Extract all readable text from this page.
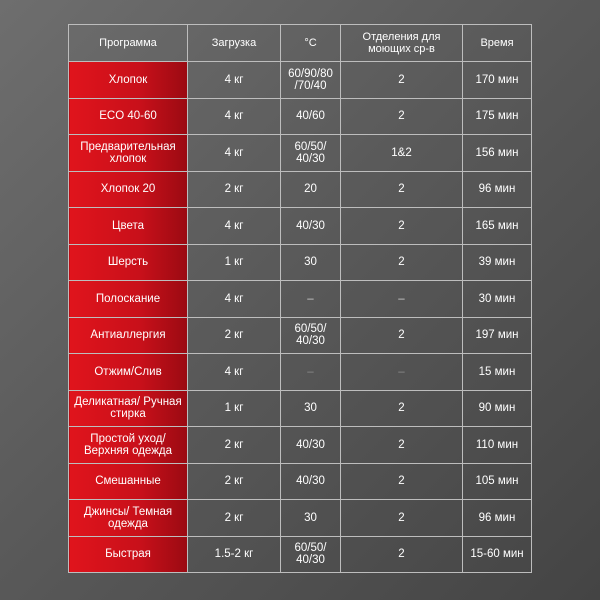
Программа	Загрузка	°С	Отделения для моющих ср-в	Время
Хлопок	4 кг	60/90/80 /70/40	2	170 мин
ECO 40-60	4 кг	40/60	2	175 мин
Предварительная хлопок	4 кг	60/50/ 40/30	1&2	156 мин
Хлопок 20	2 кг	20	2	96 мин
Цвета	4 кг	40/30	2	165 мин
Шерсть	1 кг	30	2	39 мин
Полоскание	4 кг	–	–	30 мин
Антиаллергия	2 кг	60/50/ 40/30	2	197 мин
Отжим/Слив	4 кг	–	–	15 мин
Деликатная/ Ручная стирка	1 кг	30	2	90 мин
Простой уход/ Верхняя одежда	2 кг	40/30	2	110 мин
Смешанные	2 кг	40/30	2	105 мин
Джинсы/ Темная одежда	2 кг	30	2	96 мин
Быстрая	1.5-2 кг	60/50/ 40/30	2	15-60 мин
